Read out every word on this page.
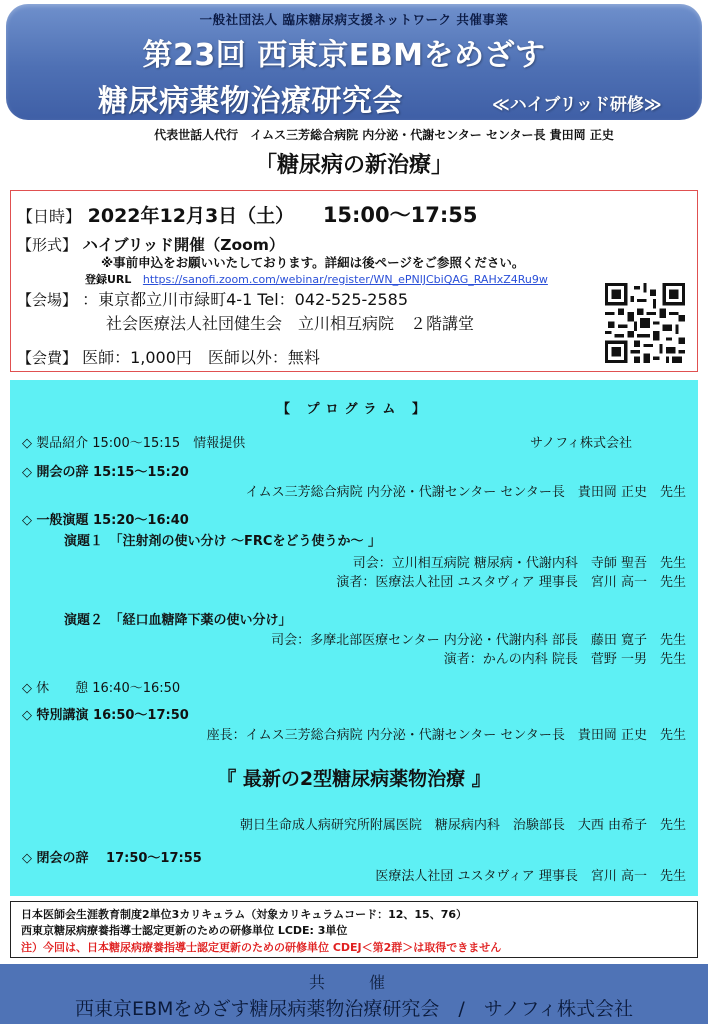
一般社団法人 臨床糖尿病支援ネットワーク 共催事業
第23回 西東京EBMをめざす
糖尿病薬物治療研究会	≪ハイブリッド研修≫
代表世話人代行　イムス三芳総合病院 内分泌・代謝センター センター長 貴田岡 正史
「糖尿病の新治療」
【日時】 2022年12月3日（土） 15:00～17:55
【形式】 ハイブリッド開催（Zoom）
※事前申込をお願いいたしております。詳細は後ページをご参照ください。
登録URL https://sanofi.zoom.com/webinar/register/WN_ePNlJCbiQAG_RAHxZ4Ru9w
【会場】 ：東京都立川市緑町4-1 Tel：042-525-2585
社会医療法人社団健生会　立川相互病院　２階講堂
【会費】 医師：1,000円　医師以外：無料
【 プログラム 】
◇ 製品紹介 15:00～15:15　情報提供	サノフィ株式会社
◇ 開会の辞 15:15～15:20
イムス三芳総合病院 内分泌・代謝センター センター長　貴田岡 正史　先生
◇ 一般演題 15:20～16:40
演題１　「注射剤の使い分け ～FRCをどう使うか～ 」
司会：立川相互病院 糖尿病・代謝内科　寺師 聖吾　先生
演者：医療法人社団 ユスタヴィア 理事長　宮川 高一　先生
演題２　「経口血糖降下薬の使い分け」
司会：多摩北部医療センター 内分泌・代謝内科 部長　藤田 寛子　先生
演者：かんの内科 院長　菅野 一男　先生
◇ 休　　憩 16:40～16:50
◇ 特別講演 16:50～17:50
座長：イムス三芳総合病院 内分泌・代謝センター センター長　貴田岡 正史　先生
『 最新の2型糖尿病薬物治療 』
朝日生命成人病研究所附属医院　糖尿病内科　治験部長　大西 由希子　先生
◇ 閉会の辞　 17:50～17:55
医療法人社団 ユスタヴィア 理事長　宮川 高一　先生
日本医師会生涯教育制度2単位3カリキュラム（対象カリキュラムコード：12、15、76）
西東京糖尿病療養指導士認定更新のための研修単位 LCDE: 3単位
注）今回は、日本糖尿病療養指導士認定更新のための研修単位 CDEJ＜第2群＞は取得できません
共　催
西東京EBMをめざす糖尿病薬物治療研究会　/　サノフィ株式会社
